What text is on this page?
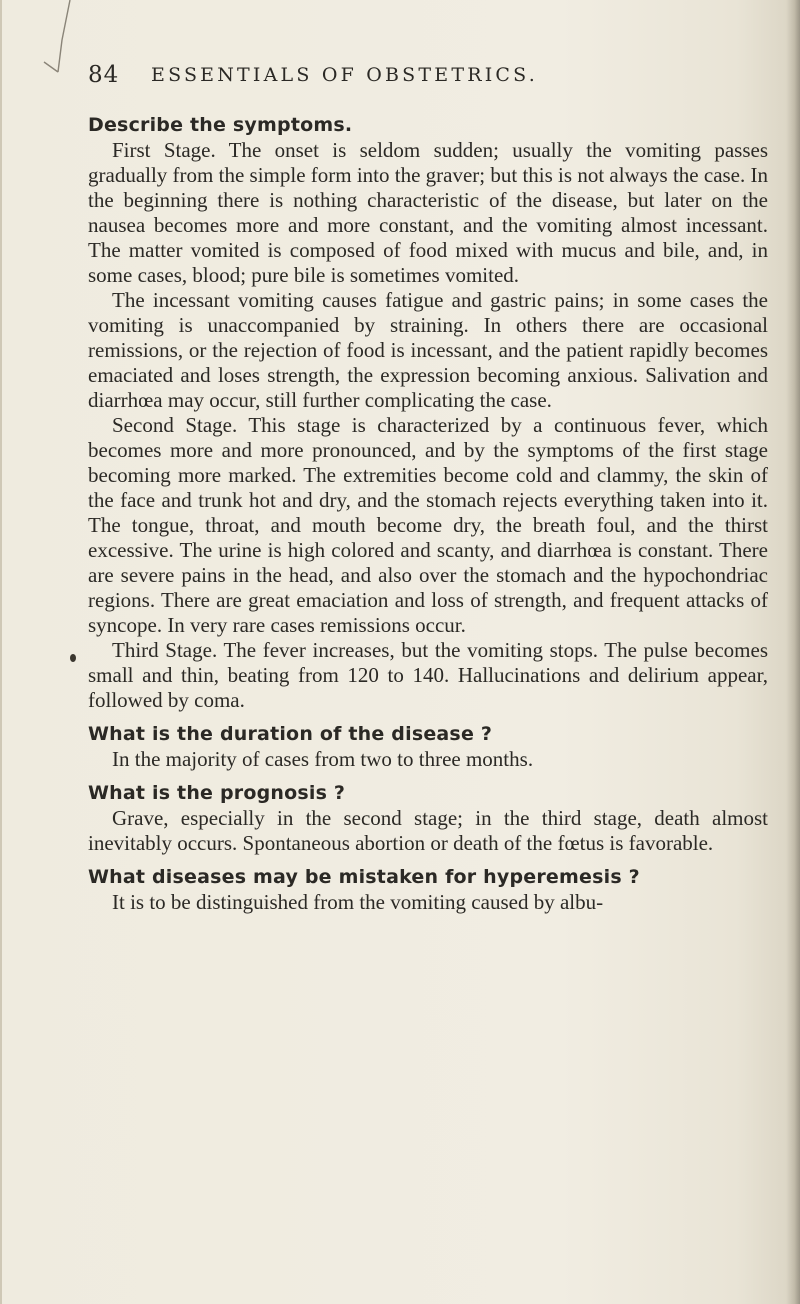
84 ESSENTIALS OF OBSTETRICS.

Describe the symptoms.

First Stage. The onset is seldom sudden; usually the vomiting passes gradually from the simple form into the graver; but this is not always the case. In the beginning there is nothing characteristic of the disease, but later on the nausea becomes more and more constant, and the vomiting almost incessant. The matter vomited is composed of food mixed with mucus and bile, and, in some cases, blood; pure bile is sometimes vomited.

The incessant vomiting causes fatigue and gastric pains; in some cases the vomiting is unaccompanied by straining. In others there are occasional remissions, or the rejection of food is incessant, and the patient rapidly becomes emaciated and loses strength, the expression becoming anxious. Salivation and diarrhœa may occur, still further complicating the case.

Second Stage. This stage is characterized by a continuous fever, which becomes more and more pronounced, and by the symptoms of the first stage becoming more marked. The extremities become cold and clammy, the skin of the face and trunk hot and dry, and the stomach rejects everything taken into it. The tongue, throat, and mouth become dry, the breath foul, and the thirst excessive. The urine is high colored and scanty, and diarrhœa is constant. There are severe pains in the head, and also over the stomach and the hypochondriac regions. There are great emaciation and loss of strength, and frequent attacks of syncope. In very rare cases remissions occur.

Third Stage. The fever increases, but the vomiting stops. The pulse becomes small and thin, beating from 120 to 140. Hallucinations and delirium appear, followed by coma.

What is the duration of the disease ?

In the majority of cases from two to three months.

What is the prognosis ?

Grave, especially in the second stage; in the third stage, death almost inevitably occurs. Spontaneous abortion or death of the fœtus is favorable.

What diseases may be mistaken for hyperemesis ?

It is to be distinguished from the vomiting caused by albu-
